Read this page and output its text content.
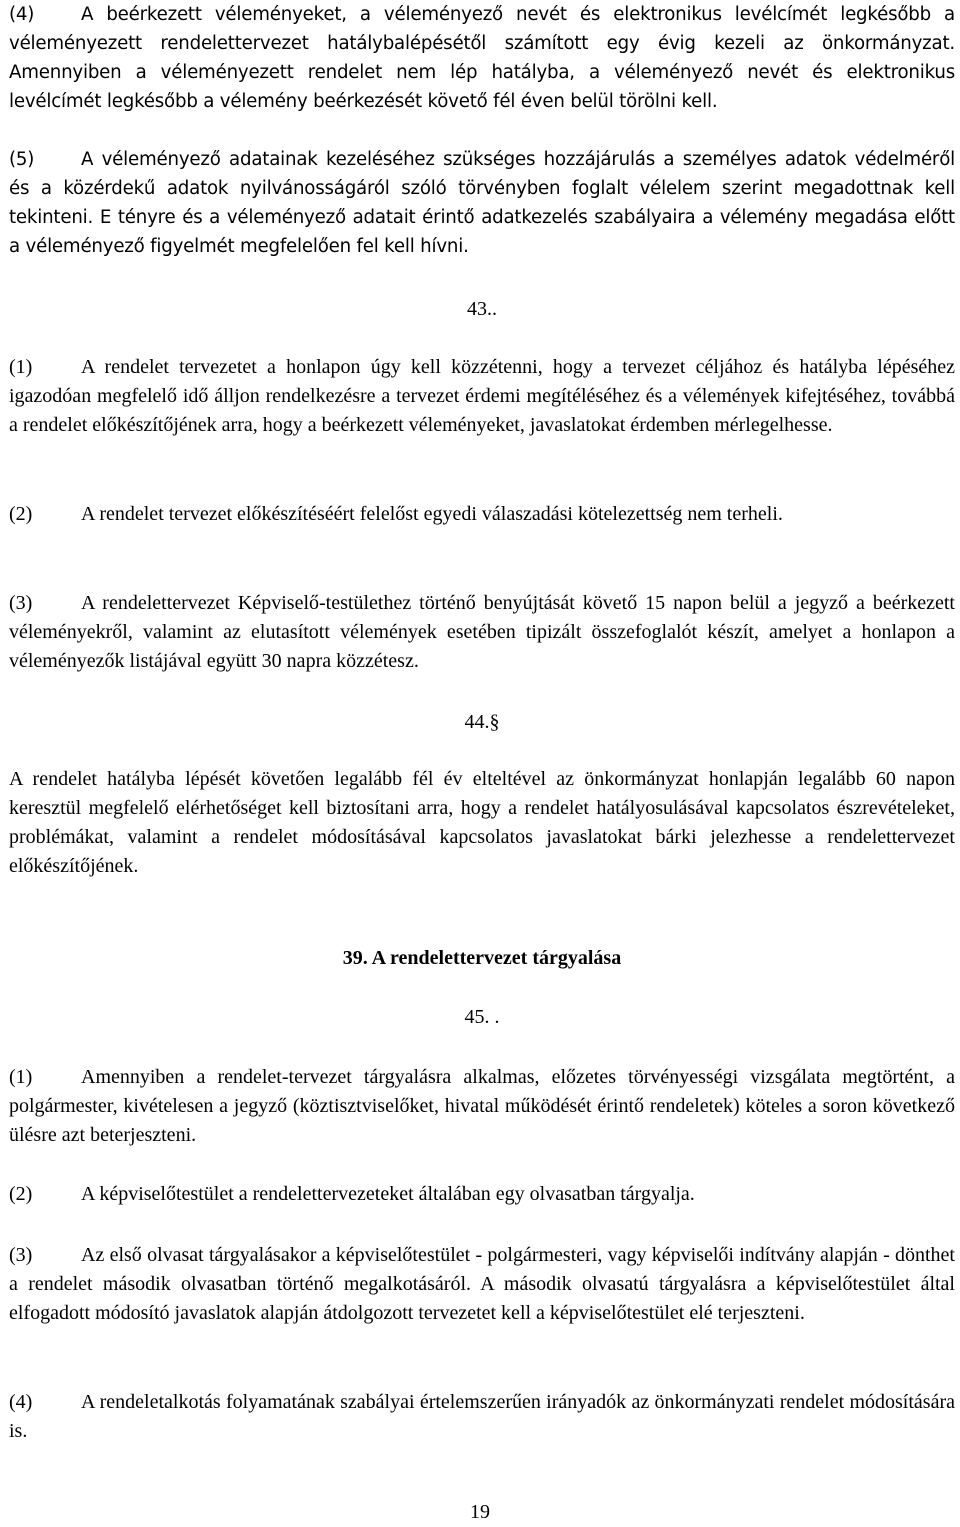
(4)	A beérkezett véleményeket, a véleményező nevét és elektronikus levélcímét legkésőbb a véleményezett rendelettervezet hatálybalépésétől számított egy évig kezeli az önkormányzat. Amennyiben a véleményezett rendelet nem lép hatályba, a véleményező nevét és elektronikus levélcímét legkésőbb a vélemény beérkezését követő fél éven belül törölni kell.

(5)	A véleményező adatainak kezeléséhez szükséges hozzájárulás a személyes adatok védelméről és a közérdekű adatok nyilvánosságáról szóló törvényben foglalt vélelem szerint megadottnak kell tekinteni. E tényre és a véleményező adatait érintő adatkezelés szabályaira a vélemény megadása előtt a véleményező figyelmét megfelelően fel kell hívni.

43..

(1) A rendelet tervezetet a honlapon úgy kell közzétenni, hogy a tervezet céljához és hatályba lépéséhez igazodóan megfelelő idő álljon rendelkezésre a tervezet érdemi megítéléséhez és a vélemények kifejtéséhez, továbbá a rendelet előkészítőjének arra, hogy a beérkezett véleményeket, javaslatokat érdemben mérlegelhesse.

(2) A rendelet tervezet előkészítéséért felelőst egyedi válaszadási kötelezettség nem terheli.

(3) A rendelettervezet Képviselő-testülethez történő benyújtását követő 15 napon belül a jegyző a beérkezett véleményekről, valamint az elutasított vélemények esetében tipizált összefoglalót készít, amelyet a honlapon a véleményezők listájával együtt 30 napra közzétesz.

44.§

A rendelet hatályba lépését követően legalább fél év elteltével az önkormányzat honlapján legalább 60 napon keresztül megfelelő elérhetőséget kell biztosítani arra, hogy a rendelet hatályosulásával kapcsolatos észrevételeket, problémákat, valamint a rendelet módosításával kapcsolatos javaslatokat bárki jelezhesse a rendelettervezet előkészítőjének.

39. A rendelettervezet tárgyalása

45. .

(1) Amennyiben a rendelet-tervezet tárgyalásra alkalmas, előzetes törvényességi vizsgálata megtörtént, a polgármester, kivételesen a jegyző (köztisztviselőket, hivatal működését érintő rendeletek) köteles a soron következő ülésre azt beterjeszteni.

(2) A képviselőtestület a rendelettervezeteket általában egy olvasatban tárgyalja.

(3) Az első olvasat tárgyalásakor a képviselőtestület - polgármesteri, vagy képviselői indítvány alapján - dönthet a rendelet második olvasatban történő megalkotásáról. A második olvasatú tárgyalásra a képviselőtestület által elfogadott módosító javaslatok alapján átdolgozott tervezetet kell a képviselőtestület elé terjeszteni.

(4) A rendeletalkotás folyamatának szabályai értelemszerűen irányadók az önkormányzati rendelet módosítására is.

19
